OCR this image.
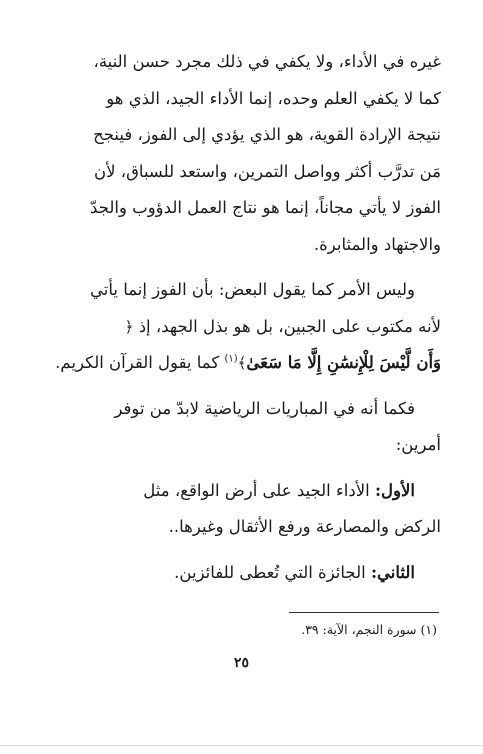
غيره في الأداء، ولا يكفي في ذلك مجرد حسن النية،
كما لا يكفي العلم وحده، إنما الأداء الجيد، الذي هو
نتيجة الإرادة القوية، هو الذي يؤدي إلى الفوز، فينجح
مَن تدرَّب أكثر وواصل التمرين، واستعد للسباق، لأن
الفوز لا يأتي مجاناً، إنما هو نتاج العمل الدؤوب والجدّ
والاجتهاد والمثابرة.

وليس الأمر كما يقول البعض: بأن الفوز إنما يأتي
لأنه مكتوب على الجبين، بل هو بذل الجهد، إذ ﴿
وَأَن لَّيْسَ لِلْإِنسَٰنِ إِلَّا مَا سَعَىٰ﴾$^{(١)}$ كما يقول القرآن الكريم.

فكما أنه في المباريات الرياضية لابدّ من توفر
أمرين:

الأول: الأداء الجيد على أرض الواقع، مثل
الركض والمصارعة ورفع الأثقال وغيرها..

الثاني: الجائزة التي تُعطى للفائزين.

(١) سورة النجم، الآية: ٣٩.
٢٥
